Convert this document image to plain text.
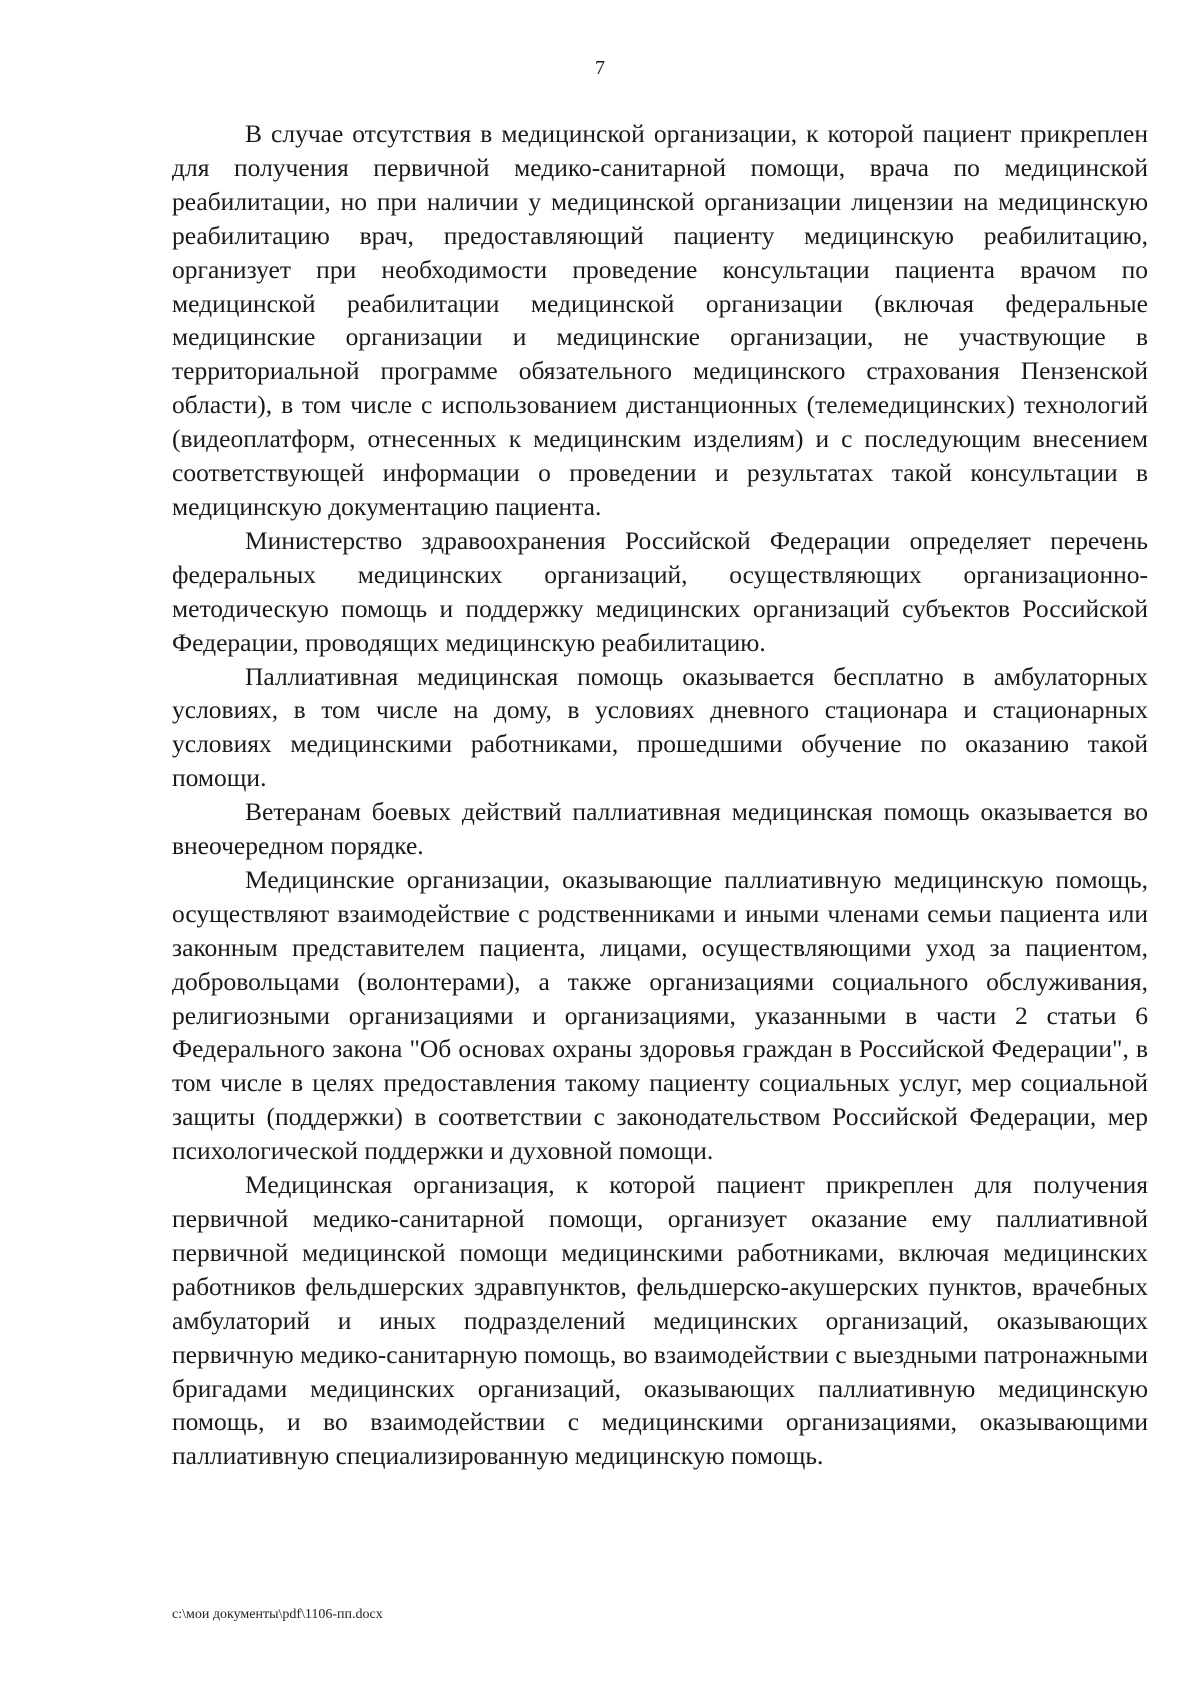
7

В случае отсутствия в медицинской организации, к которой пациент прикреплен для получения первичной медико-санитарной помощи, врача по медицинской реабилитации, но при наличии у медицинской организации лицензии на медицинскую реабилитацию врач, предоставляющий пациенту медицинскую реабилитацию, организует при необходимости проведение консультации пациента врачом по медицинской реабилитации медицинской организации (включая федеральные медицинские организации и медицинские организации, не участвующие в территориальной программе обязательного медицинского страхования Пензенской области), в том числе с использованием дистанционных (телемедицинских) технологий (видеоплатформ, отнесенных к медицинским изделиям) и с последующим внесением соответствующей информации о проведении и результатах такой консультации в медицинскую документацию пациента.

Министерство здравоохранения Российской Федерации определяет перечень федеральных медицинских организаций, осуществляющих организационно-методическую помощь и поддержку медицинских организаций субъектов Российской Федерации, проводящих медицинскую реабилитацию.

Паллиативная медицинская помощь оказывается бесплатно в амбулаторных условиях, в том числе на дому, в условиях дневного стационара и стационарных условиях медицинскими работниками, прошедшими обучение по оказанию такой помощи.

Ветеранам боевых действий паллиативная медицинская помощь оказывается во внеочередном порядке.

Медицинские организации, оказывающие паллиативную медицинскую помощь, осуществляют взаимодействие с родственниками и иными членами семьи пациента или законным представителем пациента, лицами, осуществляющими уход за пациентом, добровольцами (волонтерами), а также организациями социального обслуживания, религиозными организациями и организациями, указанными в части 2 статьи 6 Федерального закона "Об основах охраны здоровья граждан в Российской Федерации", в том числе в целях предоставления такому пациенту социальных услуг, мер социальной защиты (поддержки) в соответствии с законодательством Российской Федерации, мер психологической поддержки и духовной помощи.

Медицинская организация, к которой пациент прикреплен для получения первичной медико-санитарной помощи, организует оказание ему паллиативной первичной медицинской помощи медицинскими работниками, включая медицинских работников фельдшерских здравпунктов, фельдшерско-акушерских пунктов, врачебных амбулаторий и иных подразделений медицинских организаций, оказывающих первичную медико-санитарную помощь, во взаимодействии с выездными патронажными бригадами медицинских организаций, оказывающих паллиативную медицинскую помощь, и во взаимодействии с медицинскими организациями, оказывающими паллиативную специализированную медицинскую помощь.

c:\мои документы\pdf\1106-пп.docx
